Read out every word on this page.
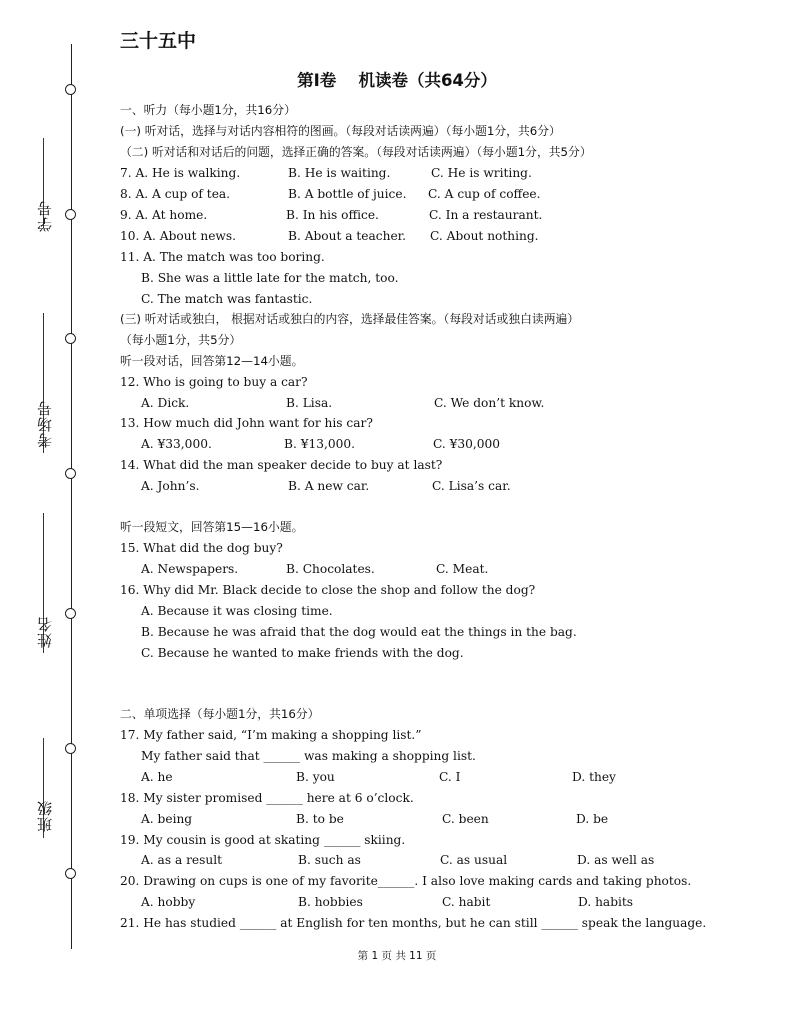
学号
考场号
姓名
班级
三十五中
第Ⅰ卷　 机读卷（共64分）
一、听力（每小题1分，共16分）
(一) 听对话，选择与对话内容相符的图画。（每段对话读两遍）（每小题1分，共6分）
（二) 听对话和对话后的问题，选择正确的答案。（每段对话读两遍）（每小题1分，共5分）
7. A. He is walking.	B. He is waiting.	C. He is writing.
8. A. A cup of tea.	B. A bottle of juice. C. A cup of coffee.
9. A. At home.	B. In his office.	C. In a restaurant.
10. A. About news.	B. About a teacher. C. About nothing.
11. A. The match was too boring.
B. She was a little late for the match, too.
C. The match was fantastic.
(三) 听对话或独白， 根据对话或独白的内容，选择最佳答案。（每段对话或独白读两遍）
（每小题1分，共5分）
听一段对话，回答第12—14小题。
12. Who is going to buy a car?
A. Dick.	B. Lisa.	C. We don’t know.
13. How much did John want for his car?
A. ¥33,000.	B. ¥13,000.	C. ¥30,000
14. What did the man speaker decide to buy at last?
A. John’s.	B. A new car.	C. Lisa’s car.
听一段短文，回答第15—16小题。
15. What did the dog buy?
A. Newspapers.	B. Chocolates.	C. Meat.
16. Why did Mr. Black decide to close the shop and follow the dog?
A. Because it was closing time.
B. Because he was afraid that the dog would eat the things in the bag.
C. Because he wanted to make friends with the dog.
二、单项选择（每小题1分，共16分）
17. My father said, “I’m making a shopping list.”
My father said that ______ was making a shopping list.
A. he	B. you	C. I	D. they
18. My sister promised ______ here at 6 o’clock.
A. being	B. to be	C. been	D. be
19. My cousin is good at skating ______ skiing.
A. as a result	B. such as	C. as usual	D. as well as
20. Drawing on cups is one of my favorite______. I also love making cards and taking photos.
A. hobby	B. hobbies	C. habit	D. habits
21. He has studied ______ at English for ten months, but he can still ______ speak the language.
第 1 页 共 11 页
